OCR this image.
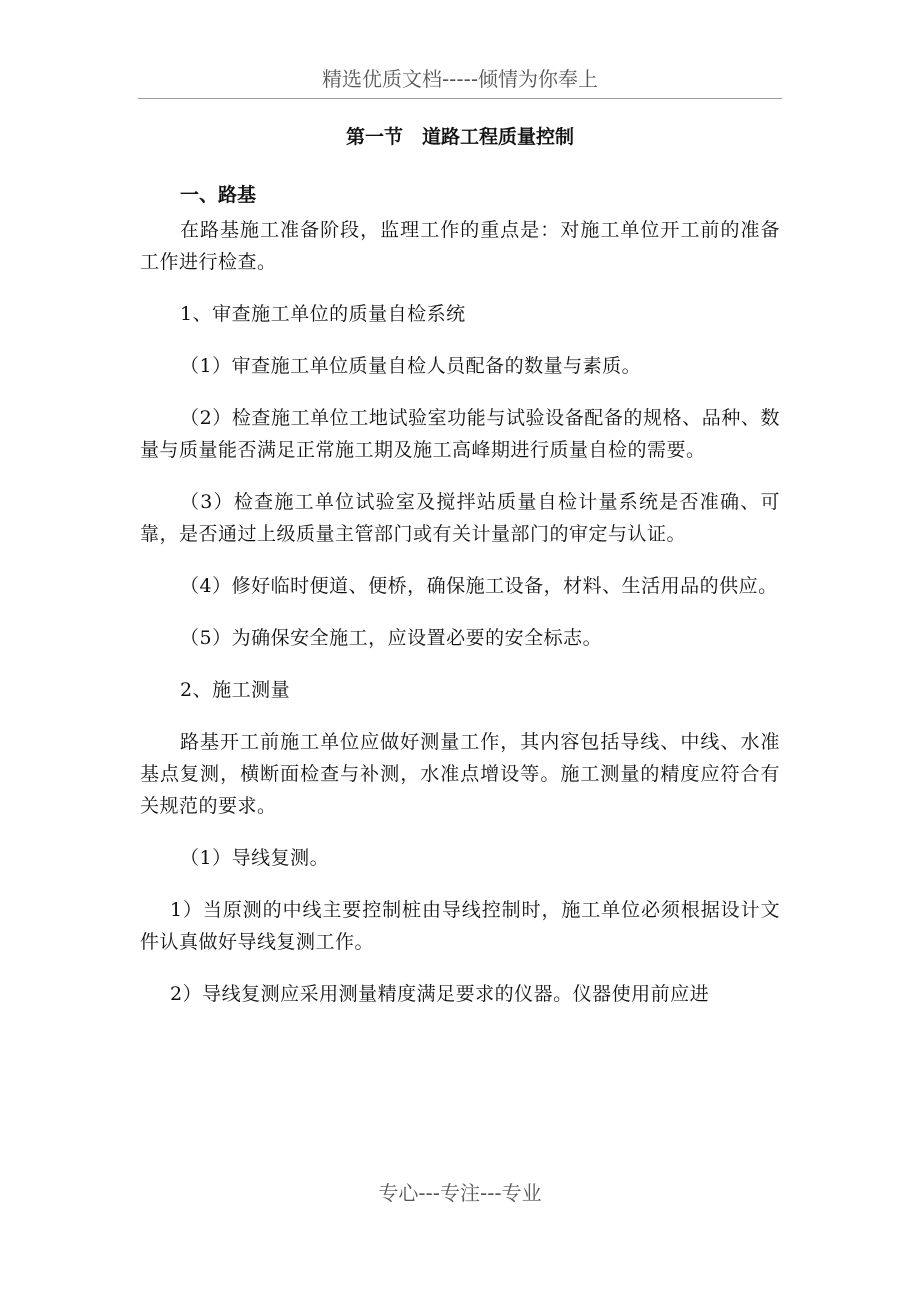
精选优质文档-----倾情为你奉上
第一节　道路工程质量控制
一、路基

在路基施工准备阶段，监理工作的重点是：对施工单位开工前的准备工作进行检查。

1、审查施工单位的质量自检系统

（1）审查施工单位质量自检人员配备的数量与素质。

（2）检查施工单位工地试验室功能与试验设备配备的规格、品种、数量与质量能否满足正常施工期及施工高峰期进行质量自检的需要。

（3）检查施工单位试验室及搅拌站质量自检计量系统是否准确、可靠，是否通过上级质量主管部门或有关计量部门的审定与认证。

（4）修好临时便道、便桥，确保施工设备，材料、生活用品的供应。

（5）为确保安全施工，应设置必要的安全标志。

2、施工测量

路基开工前施工单位应做好测量工作，其内容包括导线、中线、水准基点复测，横断面检查与补测，水准点增设等。施工测量的精度应符合有关规范的要求。

（1）导线复测。

1）当原测的中线主要控制桩由导线控制时，施工单位必须根据设计文件认真做好导线复测工作。

2）导线复测应采用测量精度满足要求的仪器。仪器使用前应进

专心---专注---专业
